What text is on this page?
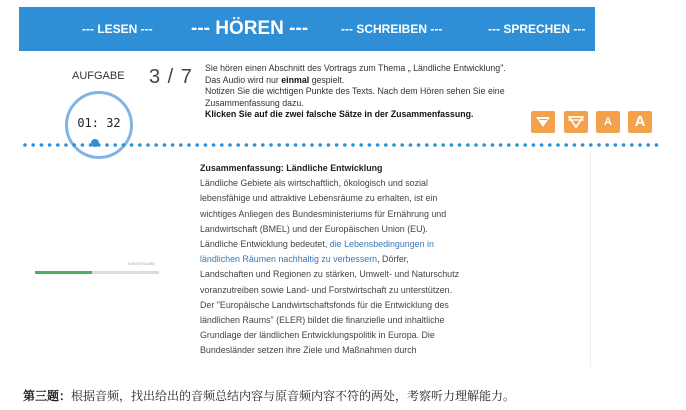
--- LESEN --- --- HÖREN ---	--- SCHREIBEN ---	--- SPRECHEN ---
AUFGABE 3 / 7
01: 32

Sie hören einen Abschnitt des Vortrags zum Thema „ Ländliche Entwicklung".

Das Audio wird nur einmal gespielt.

Notizen Sie die wichtigen Punkte des Texts. Nach dem Hören sehen Sie eine Zusammenfassung dazu.

Klicken Sie auf die zwei falsche Sätze in der Zusammenfassung.

A	A
Zusammenfassung: Ländliche Entwicklung
Ländliche Gebiete als wirtschaftlich, ökologisch und sozial lebensfähige und attraktive Lebensräume zu erhalten, ist ein wichtiges Anliegen des Bundesministeriums für Ernährung und Landwirtschaft (BMEL) und der Europäischen Union (EU). Ländliche Entwicklung bedeutet, die Lebensbedingungen in ländlichen Räumen nachhaltig zu verbessern, Dörfer, Landschaften und Regionen zu stärken, Umwelt- und Naturschutz voranzutreiben sowie Land- und Forstwirtschaft zu unterstützen. Der "Europäische Landwirtschaftsfonds für die Entwicklung des ländlichen Raums" (ELER) bildet die finanzielle und inhaltliche Grundlage der ländlichen Entwicklungspolitik in Europa. Die Bundesländer setzen ihre Ziele und Maßnahmen durch
WIEDERGABE
第三题：根据音频，找出给出的音频总结内容与原音频内容不符的两处，考察听力理解能力。
